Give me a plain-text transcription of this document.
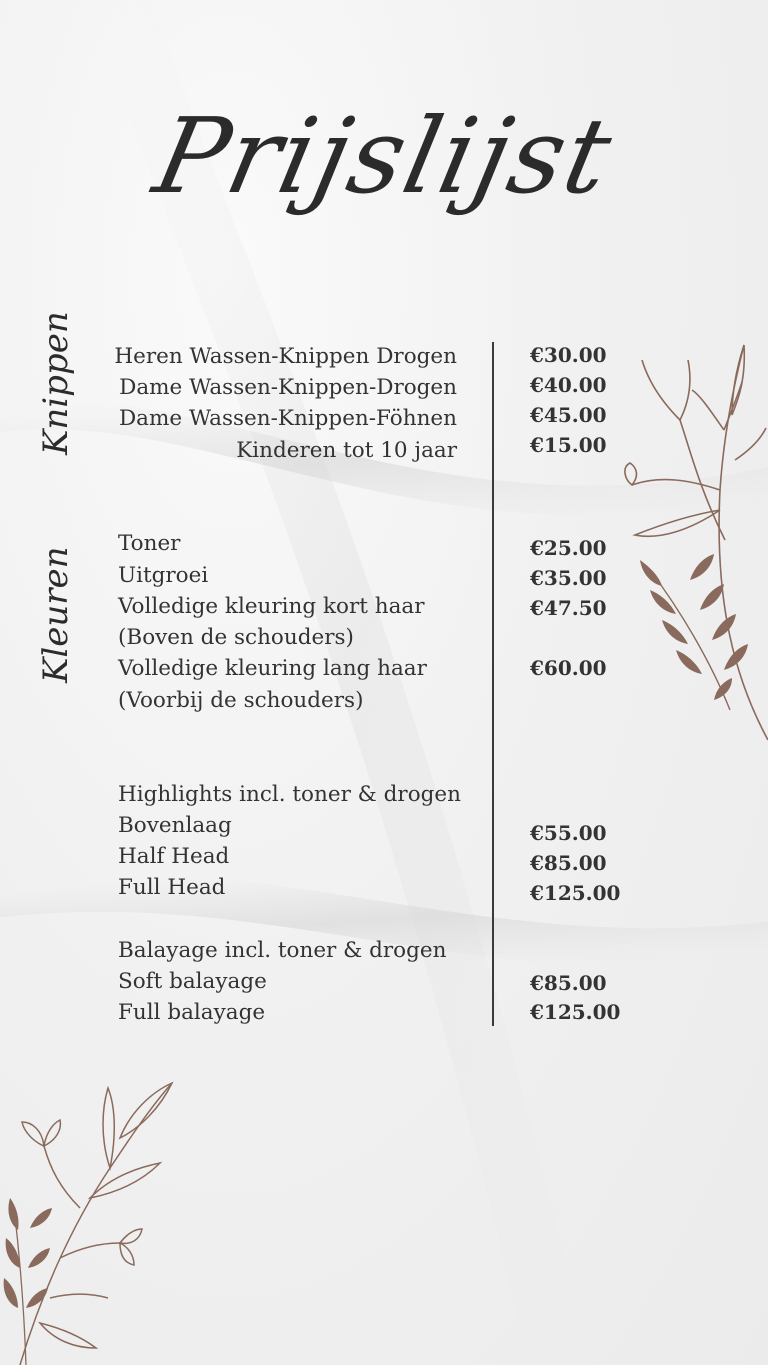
Prijslijst
Knippen
Kleuren
Heren Wassen-Knippen Drogen
Dame Wassen-Knippen-Drogen
Dame Wassen-Knippen-Föhnen
Kinderen tot 10 jaar
€30.00
€40.00
€45.00
€15.00
Toner
Uitgroei
Volledige kleuring kort haar
(Boven de schouders)
Volledige kleuring lang haar
(Voorbij de schouders)
€25.00
€35.00
€47.50
€60.00
Highlights incl. toner & drogen
Bovenlaag
Half Head
Full Head
€55.00
€85.00
€125.00
Balayage incl. toner & drogen
Soft balayage
Full balayage
€85.00
€125.00
